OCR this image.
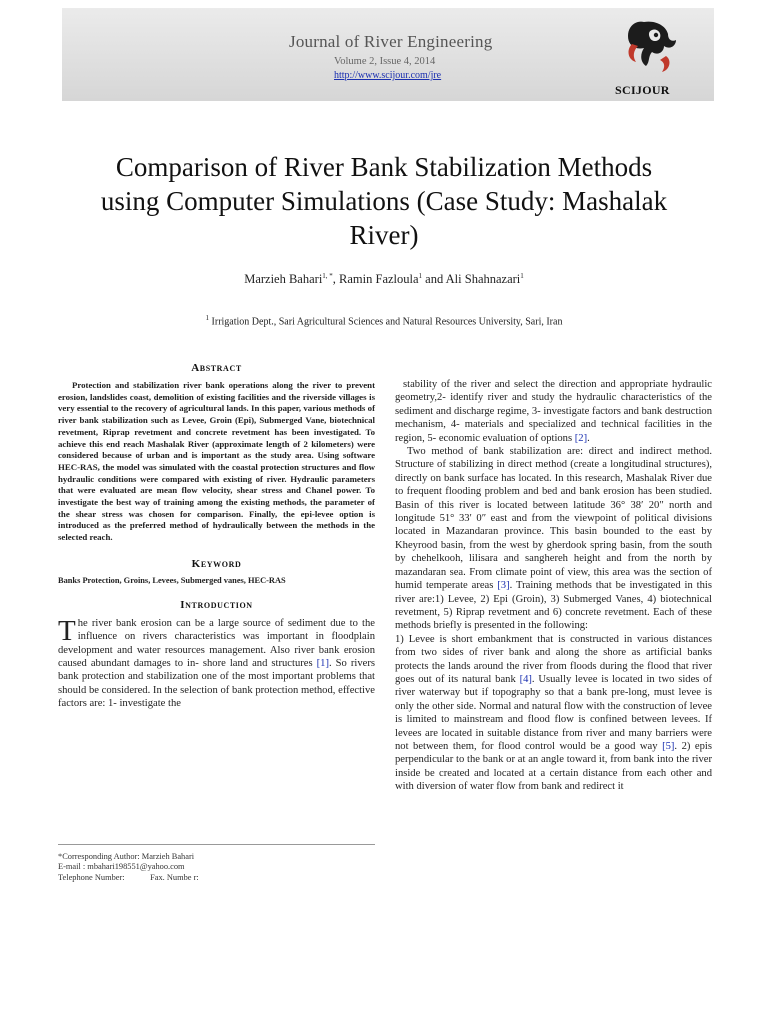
Journal of River Engineering
Volume 2, Issue 4, 2014
http://www.scijour.com/jre
SCIJOUR
Comparison of River Bank Stabilization Methods using Computer Simulations (Case Study: Mashalak River)
Marzieh Bahari$^{1, *}$, Ramin Fazloula$^1$ and Ali Shahnazari$^1$
$^1$ Irrigation Dept., Sari Agricultural Sciences and Natural Resources University, Sari, Iran
Abstract

Protection and stabilization river bank operations along the river to prevent erosion, landslides coast, demolition of existing facilities and the riverside villages is very essential to the recovery of agricultural lands. In this paper, various methods of river bank stabilization such as Levee, Groin (Epi), Submerged Vane, biotechnical revetment, Riprap revetment and concrete revetment has been investigated. To achieve this end reach Mashalak River (approximate length of 2 kilometers) were considered because of urban and is important as the study area. Using software HEC-RAS, the model was simulated with the coastal protection structures and flow hydraulic conditions were compared with existing of river. Hydraulic parameters that were evaluated are mean flow velocity, shear stress and Chanel power. To investigate the best way of training among the existing methods, the parameter of the shear stress was chosen for comparison. Finally, the epi-levee option is introduced as the preferred method of hydraulically between the methods in the selected reach.

Keyword

Banks Protection, Groins, Levees, Submerged vanes, HEC-RAS

Introduction

The river bank erosion can be a large source of sediment due to the influence on rivers characteristics was important in floodplain development and water resources management. Also river bank erosion caused abundant damages to in- shore land and structures [1]. So rivers bank protection and stabilization one of the most important problems that should be considered. In the selection of bank protection method, effective factors are: 1- investigate the

*Corresponding Author: Marzieh Bahari
E-mail : mbahari198551@yahoo.com
Telephone Number:	Fax. Numbe r:

stability of the river and select the direction and appropriate hydraulic geometry,2- identify river and study the hydraulic characteristics of the sediment and discharge regime, 3- investigate factors and bank destruction mechanism, 4- materials and specialized and technical facilities in the region, 5- economic evaluation of options [2].

Two method of bank stabilization are: direct and indirect method. Structure of stabilizing in direct method (create a longitudinal structures), directly on bank surface has located. In this research, Mashalak River due to frequent flooding problem and bed and bank erosion has been studied. Basin of this river is located between latitude 36° 38′ 20″ north and longitude 51° 33′ 0″ east and from the viewpoint of political divisions located in Mazandaran province. This basin bounded to the east by Kheyrood basin, from the west by gherdook spring basin, from the south by chehelkooh, lilisara and sanghereh height and from the north by mazandaran sea. From climate point of view, this area was the section of humid temperate areas [3]. Training methods that be investigated in this river are:1) Levee, 2) Epi (Groin), 3) Submerged Vanes, 4) biotechnical revetment, 5) Riprap revetment and 6) concrete revetment. Each of these methods briefly is presented in the following:

1) Levee is short embankment that is constructed in various distances from two sides of river bank and along the shore as artificial banks protects the lands around the river from floods during the flood that river goes out of its natural bank [4]. Usually levee is located in two sides of river waterway but if topography so that a bank pre-long, must levee is only the other side. Normal and natural flow with the construction of levee is limited to mainstream and flood flow is confined between levees. If levees are located in suitable distance from river and many barriers were not between them, for flood control would be a good way [5]. 2) epis perpendicular to the bank or at an angle toward it, from bank into the river inside be created and located at a certain distance from each other and with diversion of water flow from bank and redirect it
